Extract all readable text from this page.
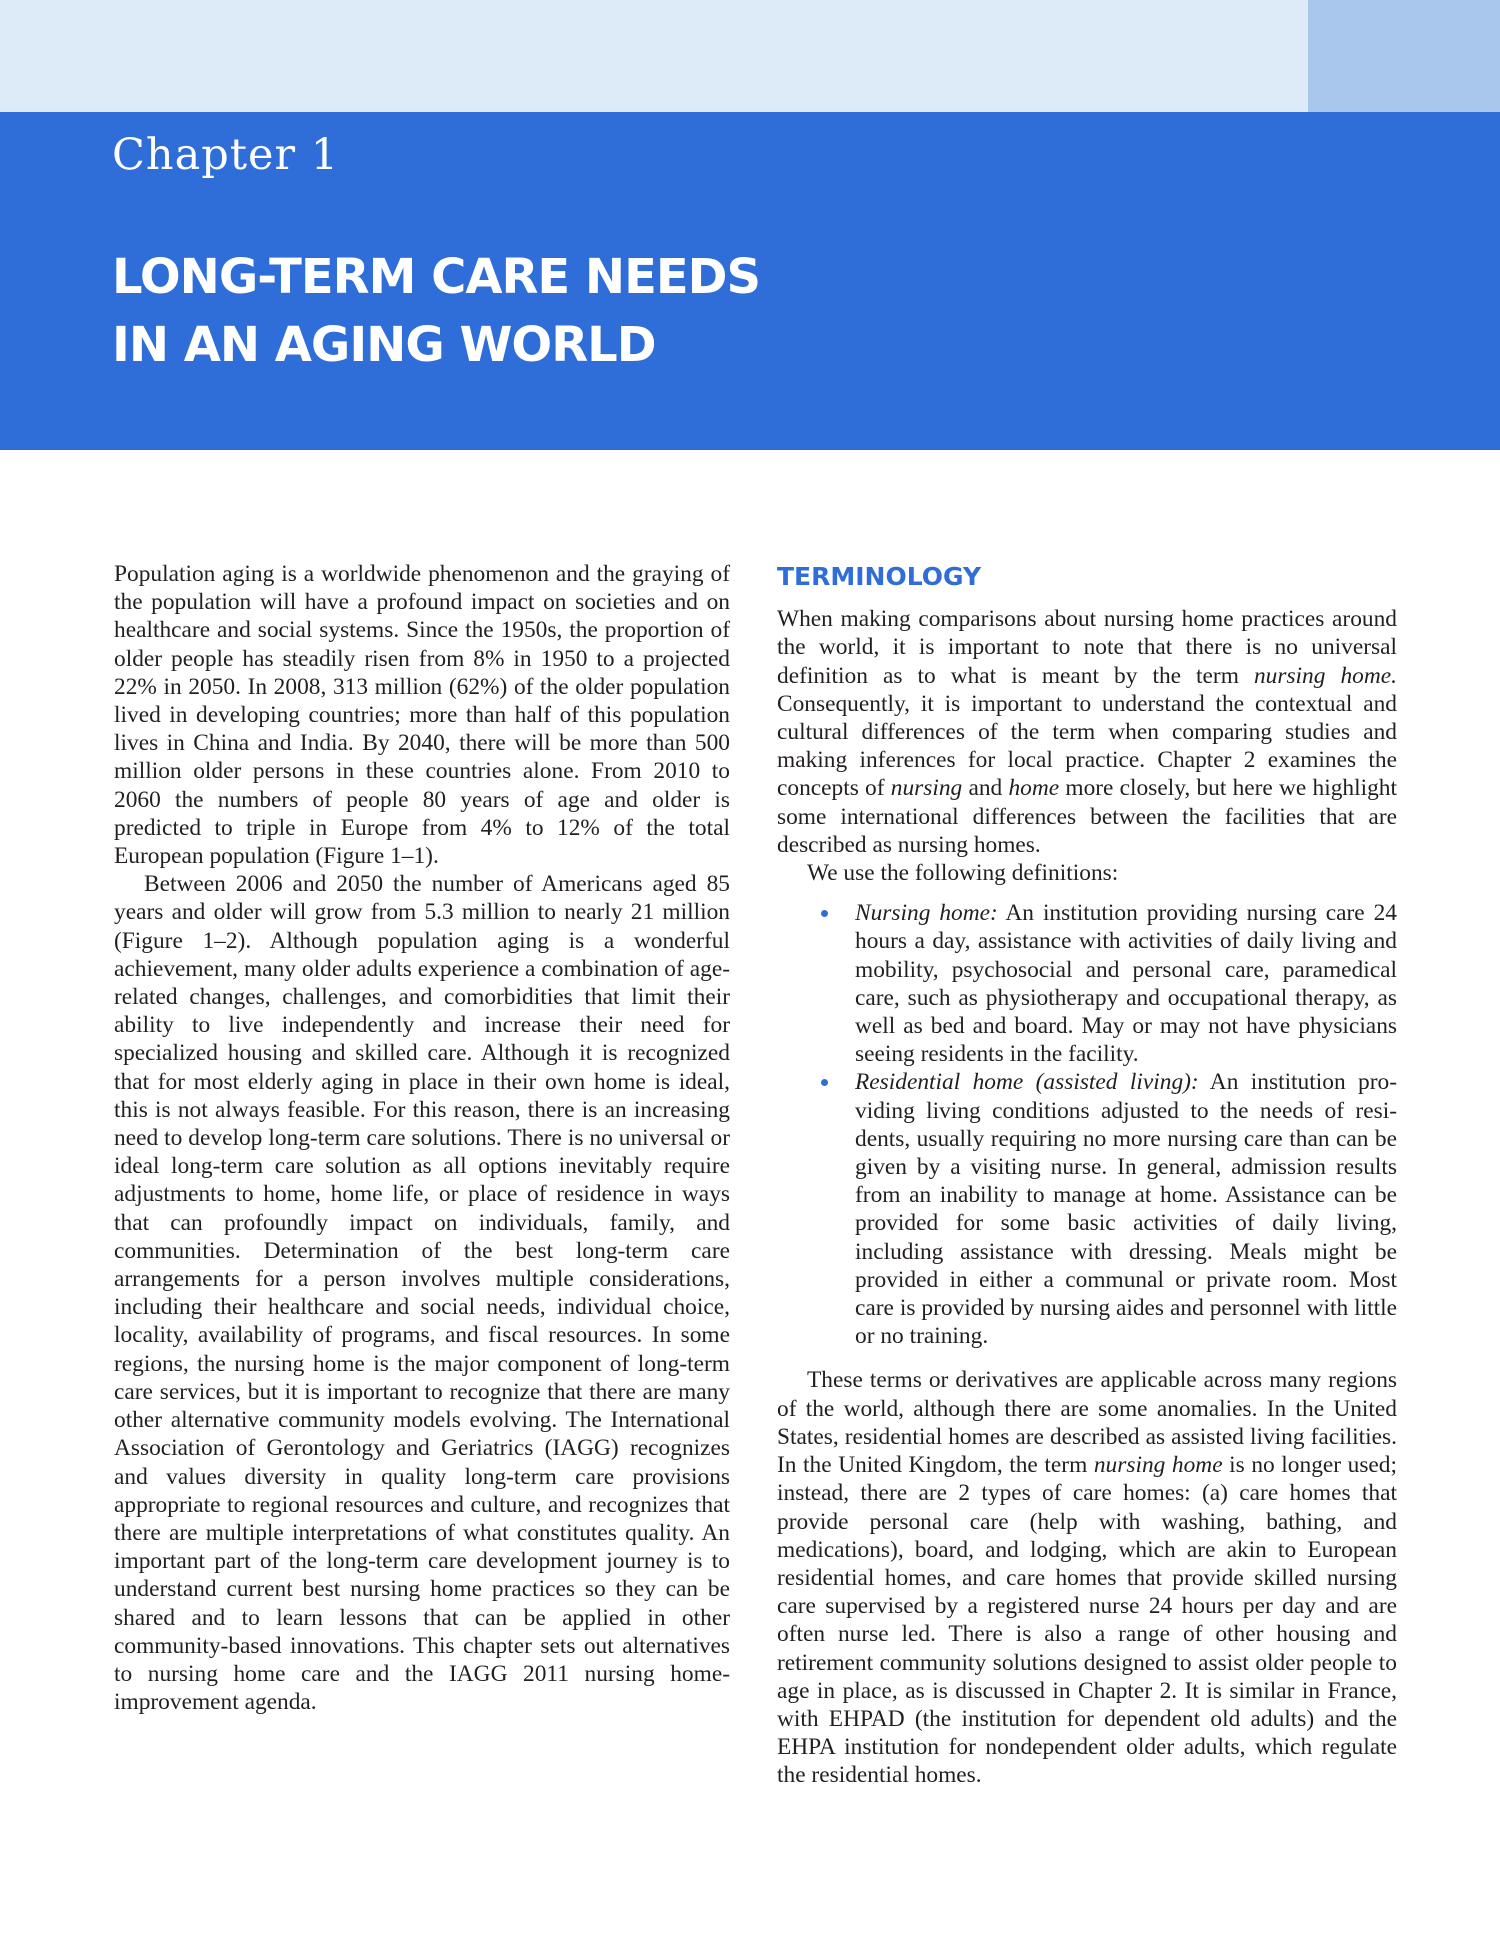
Chapter 1
LONG-TERM CARE NEEDS
IN AN AGING WORLD

Population aging is a worldwide phenomenon and the graying of the population will have a profound impact on societies and on healthcare and social systems. Since the 1950s, the proportion of older people has steadily risen from 8% in 1950 to a projected 22% in 2050. In 2008, 313 million (62%) of the older population lived in developing countries; more than half of this population lives in China and India. By 2040, there will be more than 500 million older persons in these countries alone. From 2010 to 2060 the numbers of people 80 years of age and older is predicted to triple in Europe from 4% to 12% of the total European population (Figure 1–1).

Between 2006 and 2050 the number of Americans aged 85 years and older will grow from 5.3 million to nearly 21 million (Figure 1–2). Although population aging is a wonderful achievement, many older adults experience a combination of age-related changes, challenges, and comorbidities that limit their ability to live independently and increase their need for specialized housing and skilled care. Although it is recognized that for most elderly aging in place in their own home is ideal, this is not always feasible. For this reason, there is an increasing need to develop long-term care solutions. There is no universal or ideal long-term care solution as all options inevitably require adjustments to home, home life, or place of residence in ways that can profoundly impact on individuals, family, and communities. Determination of the best long-term care arrangements for a person involves multiple considerations, including their healthcare and social needs, individual choice, locality, availability of programs, and fiscal resources. In some regions, the nursing home is the major component of long-term care services, but it is important to recognize that there are many other alternative community models evolving. The International Association of Gerontology and Geriatrics (IAGG) recognizes and values diversity in quality long-term care provisions appropriate to regional resources and culture, and recognizes that there are multiple interpretations of what constitutes quality. An important part of the long-term care development journey is to understand current best nursing home practices so they can be shared and to learn lessons that can be applied in other community-based innovations. This chapter sets out alternatives to nursing home care and the IAGG 2011 nursing home-improvement agenda.

TERMINOLOGY

When making comparisons about nursing home practices around the world, it is important to note that there is no universal definition as to what is meant by the term nursing home. Consequently, it is important to understand the contextual and cultural differences of the term when comparing studies and making inferences for local practice. Chapter 2 examines the concepts of nursing and home more closely, but here we highlight some international differences between the facilities that are described as nursing homes.

We use the following definitions:

Nursing home: An institution providing nursing care 24 hours a day, assistance with activities of daily living and mobility, psychosocial and personal care, paramedical care, such as physiotherapy and occupational therapy, as well as bed and board. May or may not have physicians seeing residents in the facility.
Residential home (assisted living): An institution providing living conditions adjusted to the needs of residents, usually requiring no more nursing care than can be given by a visiting nurse. In general, admission results from an inability to manage at home. Assistance can be provided for some basic activities of daily living, including assistance with dressing. Meals might be provided in either a communal or private room. Most care is provided by nursing aides and personnel with little or no training.

These terms or derivatives are applicable across many regions of the world, although there are some anomalies. In the United States, residential homes are described as assisted living facilities. In the United Kingdom, the term nursing home is no longer used; instead, there are 2 types of care homes: (a) care homes that provide personal care (help with washing, bathing, and medications), board, and lodging, which are akin to European residential homes, and care homes that provide skilled nursing care supervised by a registered nurse 24 hours per day and are often nurse led. There is also a range of other housing and retirement community solutions designed to assist older people to age in place, as is discussed in Chapter 2. It is similar in France, with EHPAD (the institution for dependent old adults) and the EHPA institution for nondependent older adults, which regulate the residential homes.
